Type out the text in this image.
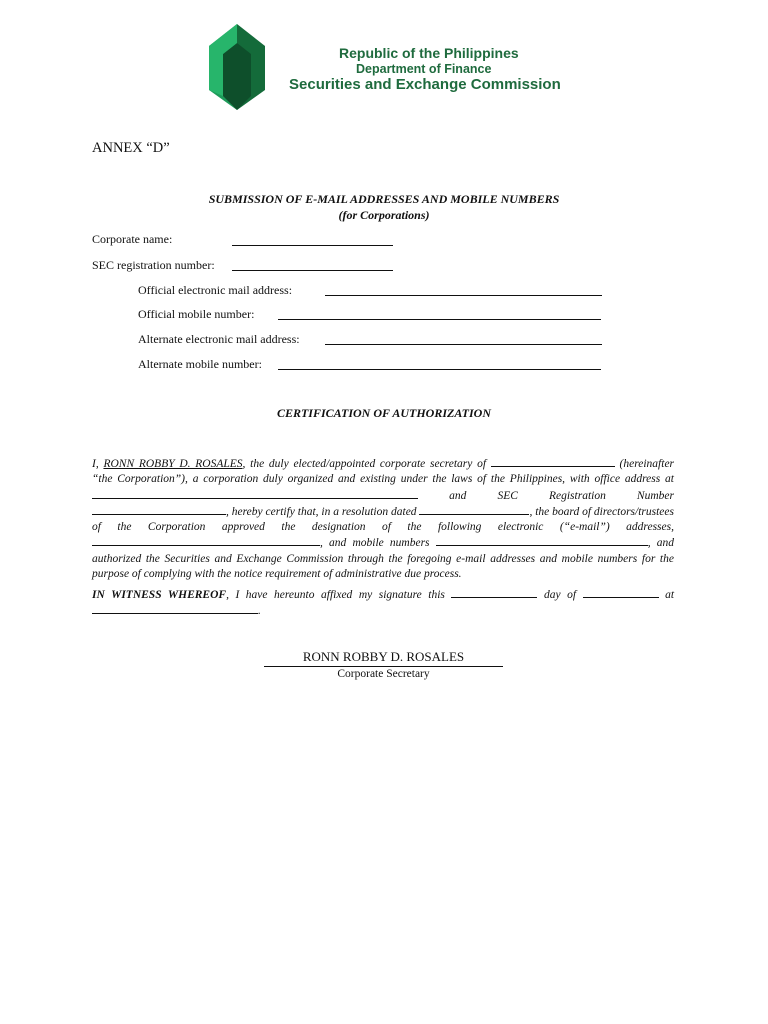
Republic of the Philippines
Department of Finance
Securities and Exchange Commission
ANNEX “D”
SUBMISSION OF E-MAIL ADDRESSES AND MOBILE NUMBERS
(for Corporations)
Corporate name:
SEC registration number:
Official electronic mail address:
Official mobile number:
Alternate electronic mail address:
Alternate mobile number:
CERTIFICATION OF AUTHORIZATION

I, RONN ROBBY D. ROSALES, the duly elected/appointed corporate secretary of	(hereinafter “the Corporation”), a corporation duly organized and existing under the laws of the Philippines, with office address at  and SEC Registration Number , hereby certify that, in a resolution dated	, the board of directors/trustees of the Corporation approved the designation of the following electronic (“e-mail”) addresses, , and mobile numbers	, and authorized the Securities and Exchange Commission through the foregoing e-mail addresses and mobile numbers for the purpose of complying with the notice requirement of administrative due process.

IN WITNESS WHEREOF, I have hereunto affixed my signature this	day of	at .

RONN ROBBY D. ROSALES
Corporate Secretary
